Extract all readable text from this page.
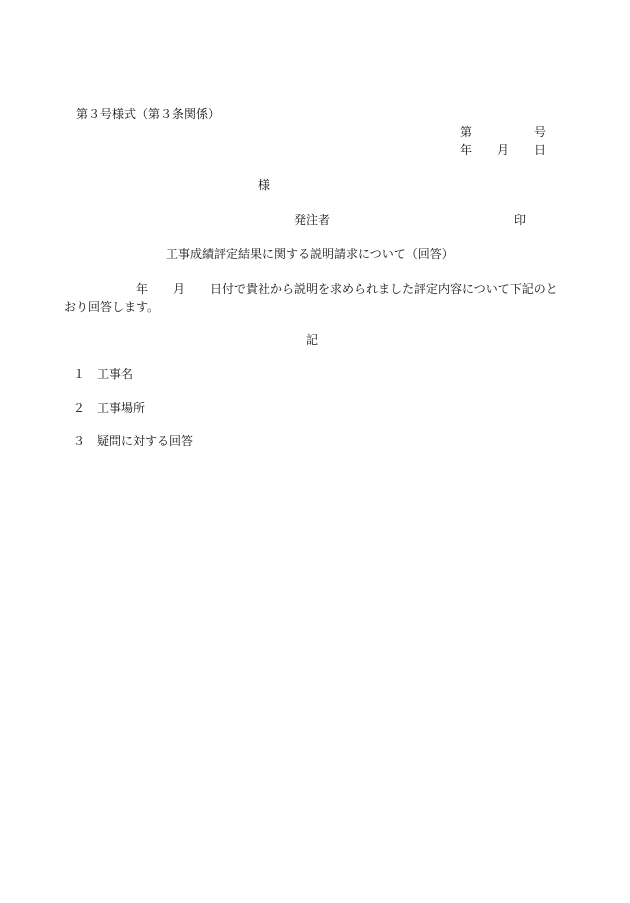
第３号様式（第３条関係）
第	号
年 月 日
様
発注者	印
工事成績評定結果に関する説明請求について（回答）
年 月 日付で貴社から説明を求められました評定内容について下記のと
おり回答します。
記
１ 工事名
２ 工事場所
３ 疑問に対する回答
